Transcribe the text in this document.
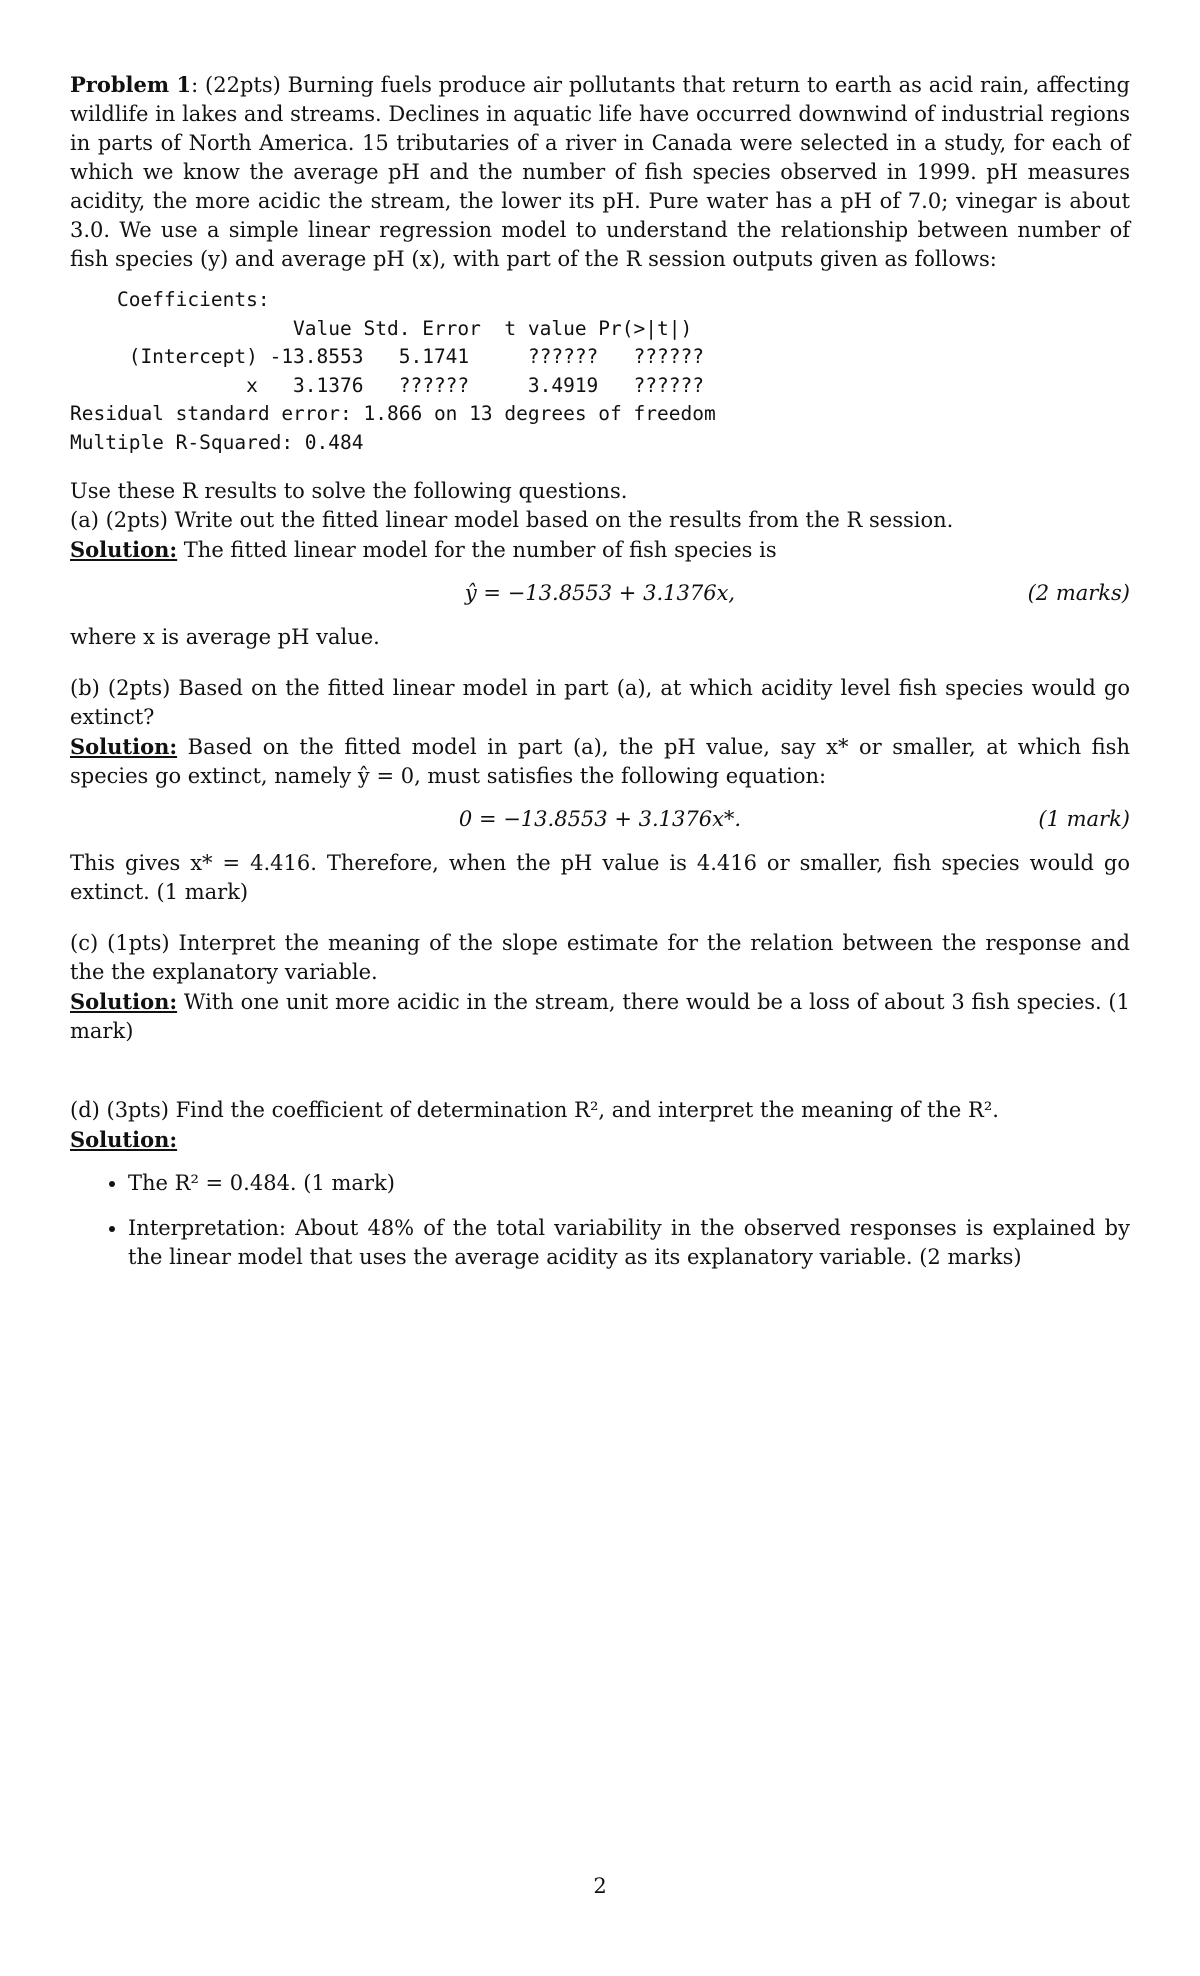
Problem 1: (22pts) Burning fuels produce air pollutants that return to earth as acid rain, affecting wildlife in lakes and streams. Declines in aquatic life have occurred downwind of industrial regions in parts of North America. 15 tributaries of a river in Canada were selected in a study, for each of which we know the average pH and the number of fish species observed in 1999. pH measures acidity, the more acidic the stream, the lower its pH. Pure water has a pH of 7.0; vinegar is about 3.0. We use a simple linear regression model to understand the relationship between number of fish species (y) and average pH (x), with part of the R session outputs given as follows:

Coefficients:
Value Std. Error  t value Pr(>|t|)
(Intercept) -13.8553   5.1741     ??????   ??????
x   3.1376   ??????     3.4919   ??????
Residual standard error: 1.866 on 13 degrees of freedom
Multiple R-Squared: 0.484

Use these R results to solve the following questions.

(a) (2pts) Write out the fitted linear model based on the results from the R session.

Solution: The fitted linear model for the number of fish species is

ŷ = −13.8553 + 3.1376x,	(2 marks)

where x is average pH value.

(b) (2pts) Based on the fitted linear model in part (a), at which acidity level fish species would go extinct?

Solution: Based on the fitted model in part (a), the pH value, say x* or smaller, at which fish species go extinct, namely ŷ = 0, must satisfies the following equation:

0 = −13.8553 + 3.1376x*.	(1 mark)

This gives x* = 4.416. Therefore, when the pH value is 4.416 or smaller, fish species would go extinct. (1 mark)

(c) (1pts) Interpret the meaning of the slope estimate for the relation between the response and the the explanatory variable.

Solution: With one unit more acidic in the stream, there would be a loss of about 3 fish species. (1 mark)

(d) (3pts) Find the coefficient of determination R², and interpret the meaning of the R².

Solution:

• The R² = 0.484. (1 mark)
• Interpretation: About 48% of the total variability in the observed responses is explained by the linear model that uses the average acidity as its explanatory variable. (2 marks)
2
